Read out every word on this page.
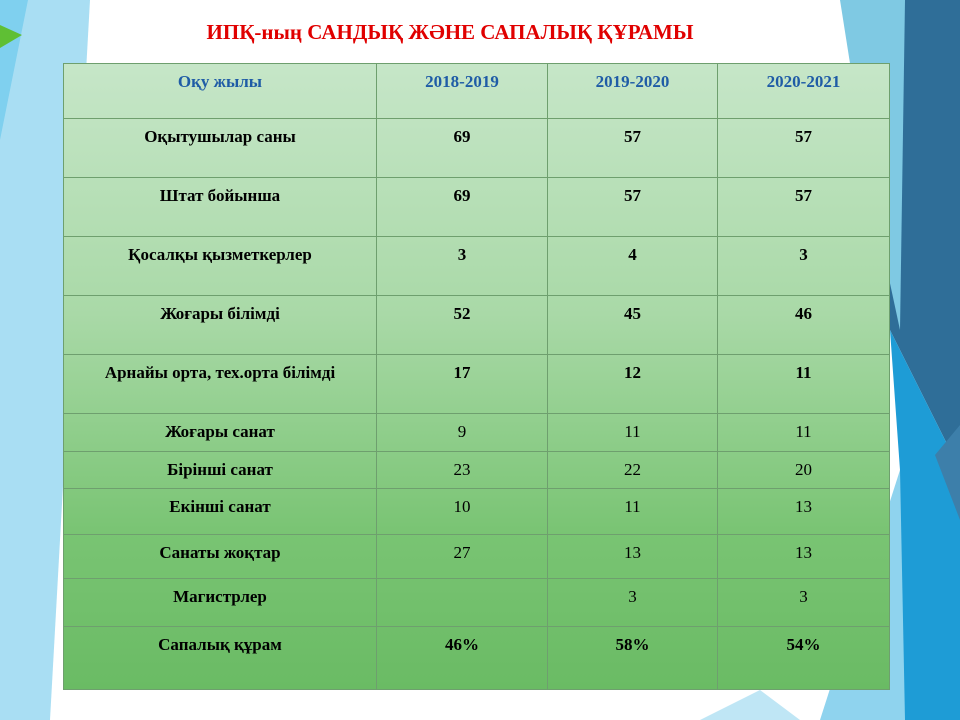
ИПҚ-ның САНДЫҚ ЖӘНЕ САПАЛЫҚ ҚҰРАМЫ
Оқу жылы	2018-2019	2019-2020	2020-2021
Оқытушылар саны	69	57	57
Штат бойынша	69	57	57
Қосалқы қызметкерлер	3	4	3
Жоғары білімді	52	45	46
Арнайы орта, тех.орта білімді	17	12	11
Жоғары санат	9	11	11
Бірінші санат	23	22	20
Екінші санат	10	11	13
Санаты жоқтар	27	13	13
Магистрлер		3	3
Сапалық құрам	46%	58%	54%
